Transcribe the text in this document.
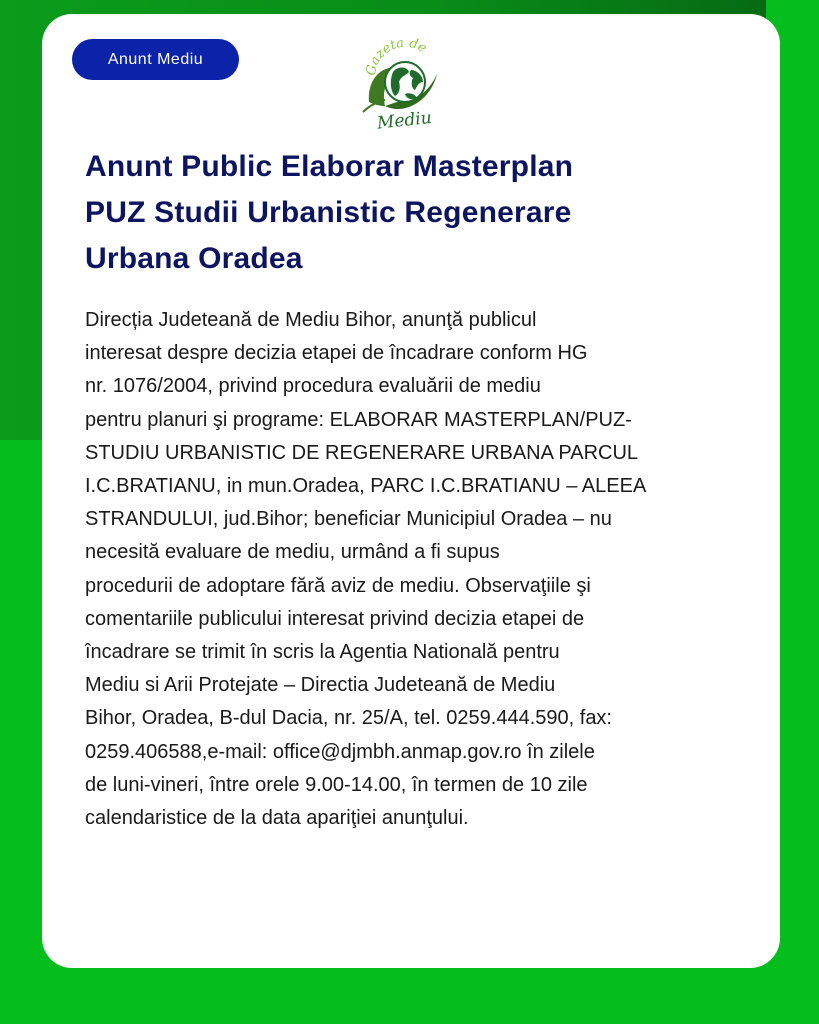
Anunt Mediu
Gazeta de
Mediu
Anunt Public Elaborar Masterplan
PUZ Studii Urbanistic Regenerare
Urbana Oradea

Direcția Judeteană de Mediu Bihor, anunţă publicul
interesat despre decizia etapei de încadrare conform HG
nr. 1076/2004, privind procedura evaluării de mediu
pentru planuri şi programe: ELABORAR MASTERPLAN/PUZ-
STUDIU URBANISTIC DE REGENERARE URBANA PARCUL
I.C.BRATIANU, in mun.Oradea, PARC I.C.BRATIANU – ALEEA
STRANDULUI, jud.Bihor; beneficiar Municipiul Oradea – nu
necesită evaluare de mediu, urmând a fi supus
procedurii de adoptare fără aviz de mediu. Observaţiile şi
comentariile publicului interesat privind decizia etapei de
încadrare se trimit în scris la Agentia Natională pentru
Mediu si Arii Protejate – Directia Judeteană de Mediu
Bihor, Oradea, B-dul Dacia, nr. 25/A, tel. 0259.444.590, fax:
0259.406588,e-mail: office@djmbh.anmap.gov.ro în zilele
de luni-vineri, între orele 9.00-14.00, în termen de 10 zile
calendaristice de la data apariţiei anunţului.
